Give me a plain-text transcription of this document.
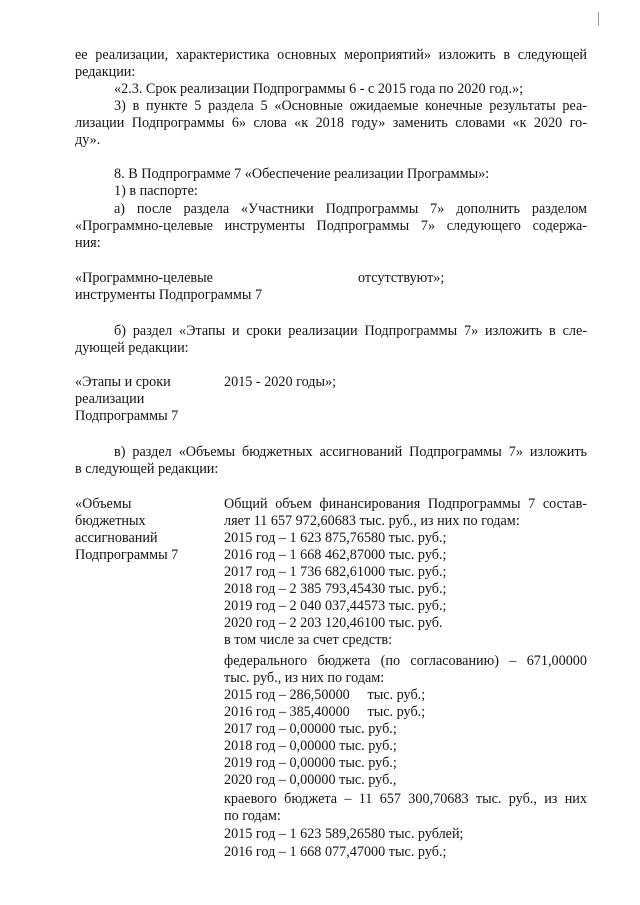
ее реализации, характеристика основных мероприятий» изложить в следующей
редакции:
«2.3. Срок реализации Подпрограммы 6 - с 2015 года по 2020 год.»;
3) в пункте 5 раздела 5 «Основные ожидаемые конечные результаты реа-
лизации Подпрограммы 6» слова «к 2018 году» заменить словами «к 2020 го-
ду».
8. В Подпрограмме 7 «Обеспечение реализации Программы»:
1) в паспорте:
а) после раздела «Участники Подпрограммы 7» дополнить разделом
«Программно-целевые инструменты Подпрограммы 7» следующего содержа-
ния:
«Программно-целевые
инструменты Подпрограммы 7
отсутствуют»;
б) раздел «Этапы и сроки реализации Подпрограммы 7» изложить в сле-
дующей редакции:
«Этапы и сроки
реализации
Подпрограммы 7
2015 - 2020 годы»;
в) раздел «Объемы бюджетных ассигнований Подпрограммы 7» изложить
в следующей редакции:
«Объемы
бюджетных
ассигнований
Подпрограммы 7
Общий объем финансирования Подпрограммы 7 состав-
ляет 11 657 972,60683 тыс. руб., из них по годам:
2015 год – 1 623 875,76580 тыс. руб.;
2016 год – 1 668 462,87000 тыс. руб.;
2017 год – 1 736 682,61000 тыс. руб.;
2018 год – 2 385 793,45430 тыс. руб.;
2019 год – 2 040 037,44573 тыс. руб.;
2020 год – 2 203 120,46100 тыс. руб.
в том числе за счет средств:
федерального бюджета (по согласованию) – 671,00000
тыс. руб., из них по годам:
2015 год – 286,50000     тыс. руб.;
2016 год – 385,40000     тыс. руб.;
2017 год – 0,00000 тыс. руб.;
2018 год – 0,00000 тыс. руб.;
2019 год – 0,00000 тыс. руб.;
2020 год – 0,00000 тыс. руб.,
краевого бюджета – 11 657 300,70683 тыс. руб., из них
по годам:
2015 год – 1 623 589,26580 тыс. рублей;
2016 год – 1 668 077,47000 тыс. руб.;
